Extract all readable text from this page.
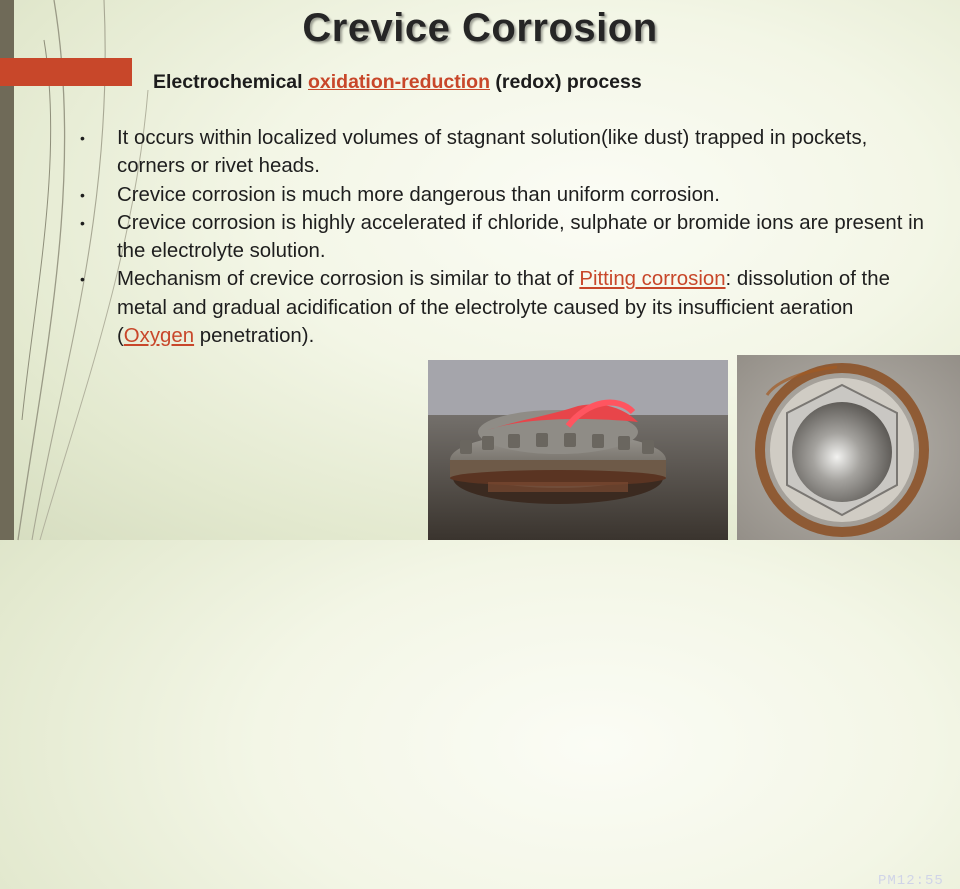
Crevice Corrosion
Electrochemical oxidation-reduction (redox) process
• It occurs within localized volumes of stagnant solution(like dust) trapped in pockets, corners or rivet heads.
• Crevice corrosion is much more dangerous than uniform corrosion.
• Crevice corrosion is highly accelerated if chloride, sulphate or bromide ions are present in the electrolyte solution.
• Mechanism of crevice corrosion is similar to that of Pitting corrosion: dissolution of the metal and gradual acidification of the electrolyte caused by its insufficient aeration (Oxygen penetration).
PM12:55
